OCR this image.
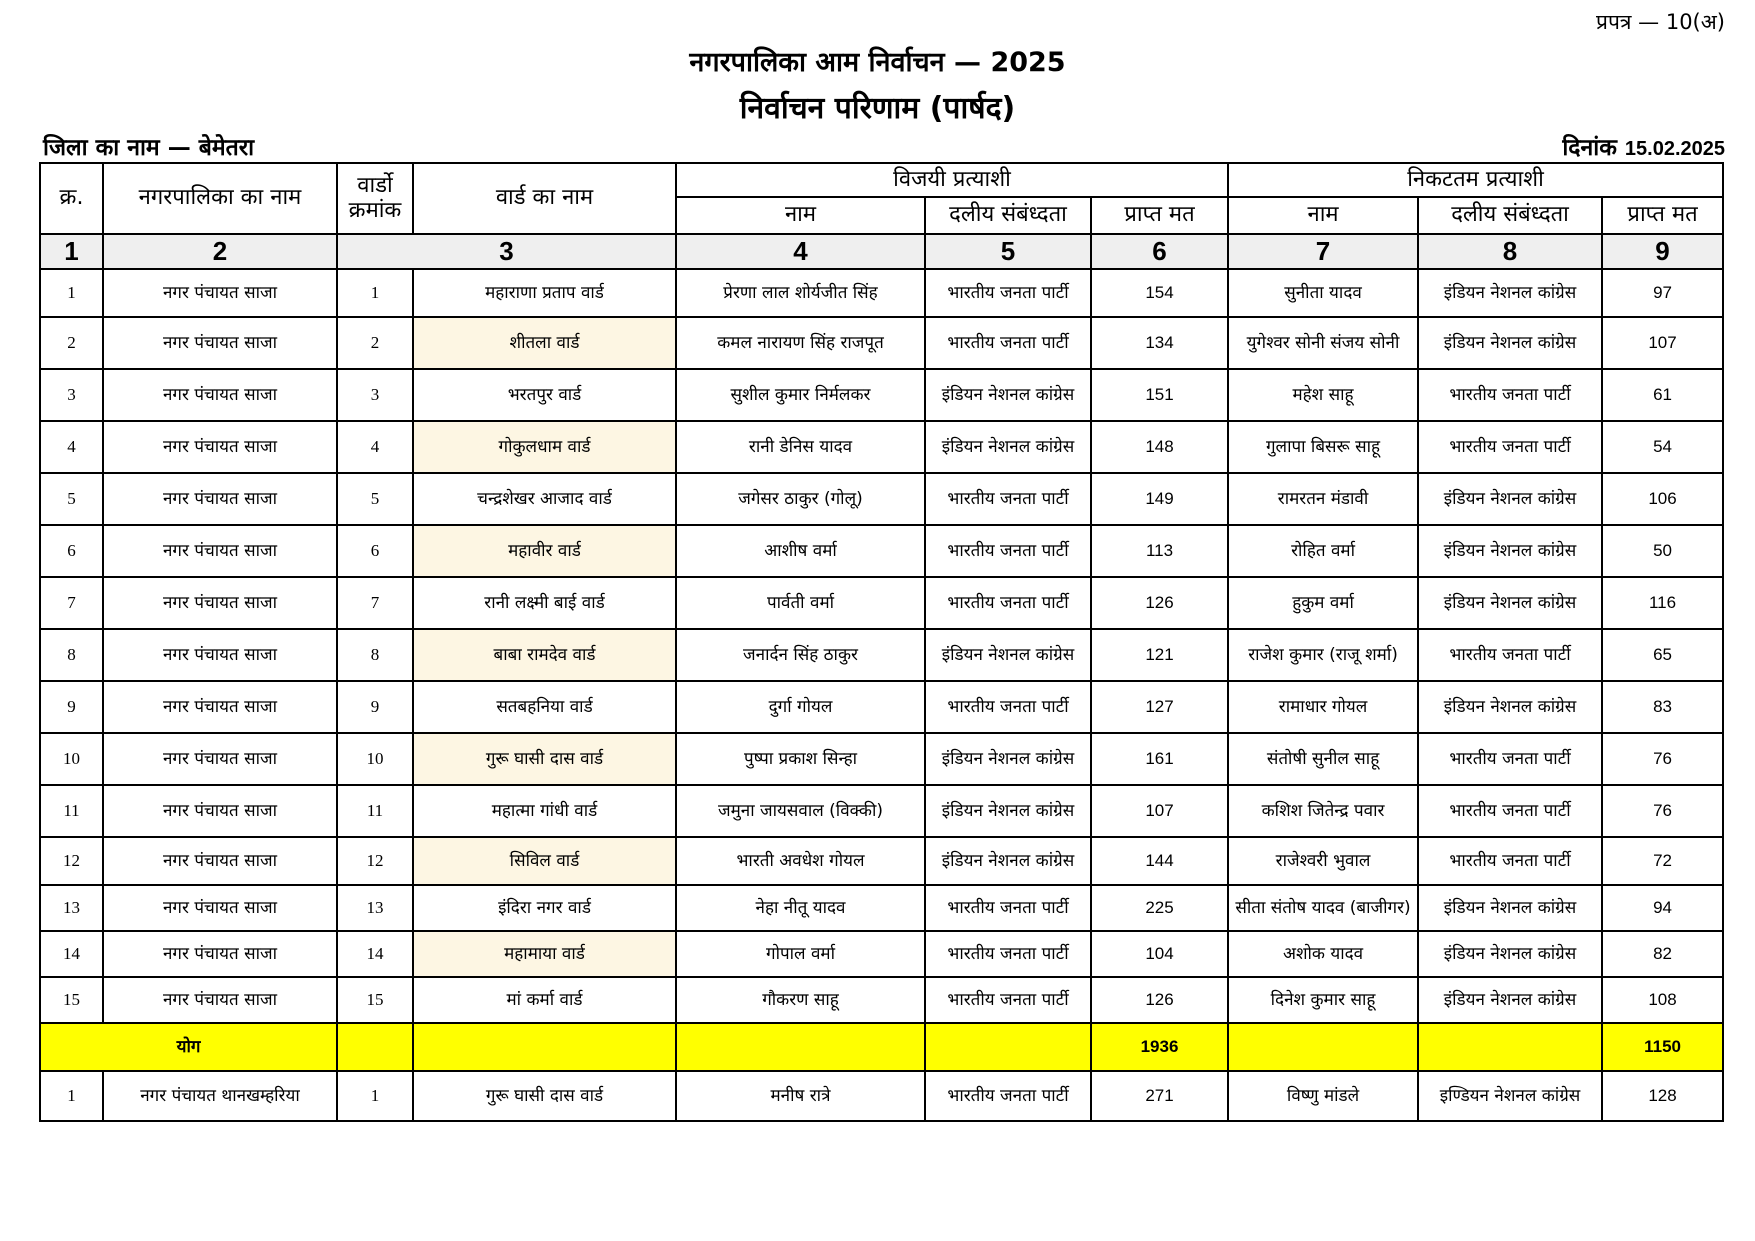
प्रपत्र — 10(अ)
नगरपालिका आम निर्वाचन — 2025
निर्वाचन परिणाम (पार्षद)
जिला का नाम — बेमेतरा	दिनांक 15.02.2025
क्र.	नगरपालिका का नाम	वार्डो क्रमांक	वार्ड का नाम	विजयी प्रत्याशी			निकटतम प्रत्याशी		
				नाम	दलीय संबंध्दता	प्राप्त मत	नाम	दलीय संबंध्दता	प्राप्त मत
1	2	3		4	5	6	7	8	9
1	नगर पंचायत साजा	1	महाराणा प्रताप वार्ड	प्रेरणा लाल शोर्यजीत सिंह	भारतीय जनता पार्टी	154	सुनीता यादव	इंडियन नेशनल कांग्रेस	97
2	नगर पंचायत साजा	2	शीतला वार्ड	कमल नारायण सिंह राजपूत	भारतीय जनता पार्टी	134	युगेश्वर सोनी संजय सोनी	इंडियन नेशनल कांग्रेस	107
3	नगर पंचायत साजा	3	भरतपुर वार्ड	सुशील कुमार निर्मलकर	इंडियन नेशनल कांग्रेस	151	महेश साहू	भारतीय जनता पार्टी	61
4	नगर पंचायत साजा	4	गोकुलधाम वार्ड	रानी डेनिस यादव	इंडियन नेशनल कांग्रेस	148	गुलापा बिसरू साहू	भारतीय जनता पार्टी	54
5	नगर पंचायत साजा	5	चन्द्रशेखर आजाद वार्ड	जगेसर ठाकुर (गोलू)	भारतीय जनता पार्टी	149	रामरतन मंडावी	इंडियन नेशनल कांग्रेस	106
6	नगर पंचायत साजा	6	महावीर वार्ड	आशीष वर्मा	भारतीय जनता पार्टी	113	रोहित वर्मा	इंडियन नेशनल कांग्रेस	50
7	नगर पंचायत साजा	7	रानी लक्ष्मी बाई वार्ड	पार्वती वर्मा	भारतीय जनता पार्टी	126	हुकुम वर्मा	इंडियन नेशनल कांग्रेस	116
8	नगर पंचायत साजा	8	बाबा रामदेव वार्ड	जनार्दन सिंह ठाकुर	इंडियन नेशनल कांग्रेस	121	राजेश कुमार (राजू शर्मा)	भारतीय जनता पार्टी	65
9	नगर पंचायत साजा	9	सतबहनिया वार्ड	दुर्गा गोयल	भारतीय जनता पार्टी	127	रामाधार गोयल	इंडियन नेशनल कांग्रेस	83
10	नगर पंचायत साजा	10	गुरू घासी दास वार्ड	पुष्पा प्रकाश सिन्हा	इंडियन नेशनल कांग्रेस	161	संतोषी सुनील साहू	भारतीय जनता पार्टी	76
11	नगर पंचायत साजा	11	महात्मा गांधी वार्ड	जमुना जायसवाल (विक्की)	इंडियन नेशनल कांग्रेस	107	कशिश जितेन्द्र पवार	भारतीय जनता पार्टी	76
12	नगर पंचायत साजा	12	सिविल वार्ड	भारती अवधेश गोयल	इंडियन नेशनल कांग्रेस	144	राजेश्वरी भुवाल	भारतीय जनता पार्टी	72
13	नगर पंचायत साजा	13	इंदिरा नगर वार्ड	नेहा नीतू यादव	भारतीय जनता पार्टी	225	सीता संतोष यादव (बाजीगर)	इंडियन नेशनल कांग्रेस	94
14	नगर पंचायत साजा	14	महामाया वार्ड	गोपाल वर्मा	भारतीय जनता पार्टी	104	अशोक यादव	इंडियन नेशनल कांग्रेस	82
15	नगर पंचायत साजा	15	मां कर्मा वार्ड	गौकरण साहू	भारतीय जनता पार्टी	126	दिनेश कुमार साहू	इंडियन नेशनल कांग्रेस	108
योग						1936			1150
1	नगर पंचायत थानखम्हरिया	1	गुरू घासी दास वार्ड	मनीष रात्रे	भारतीय जनता पार्टी	271	विष्णु मांडले	इण्डियन नेशनल कांग्रेस	128
